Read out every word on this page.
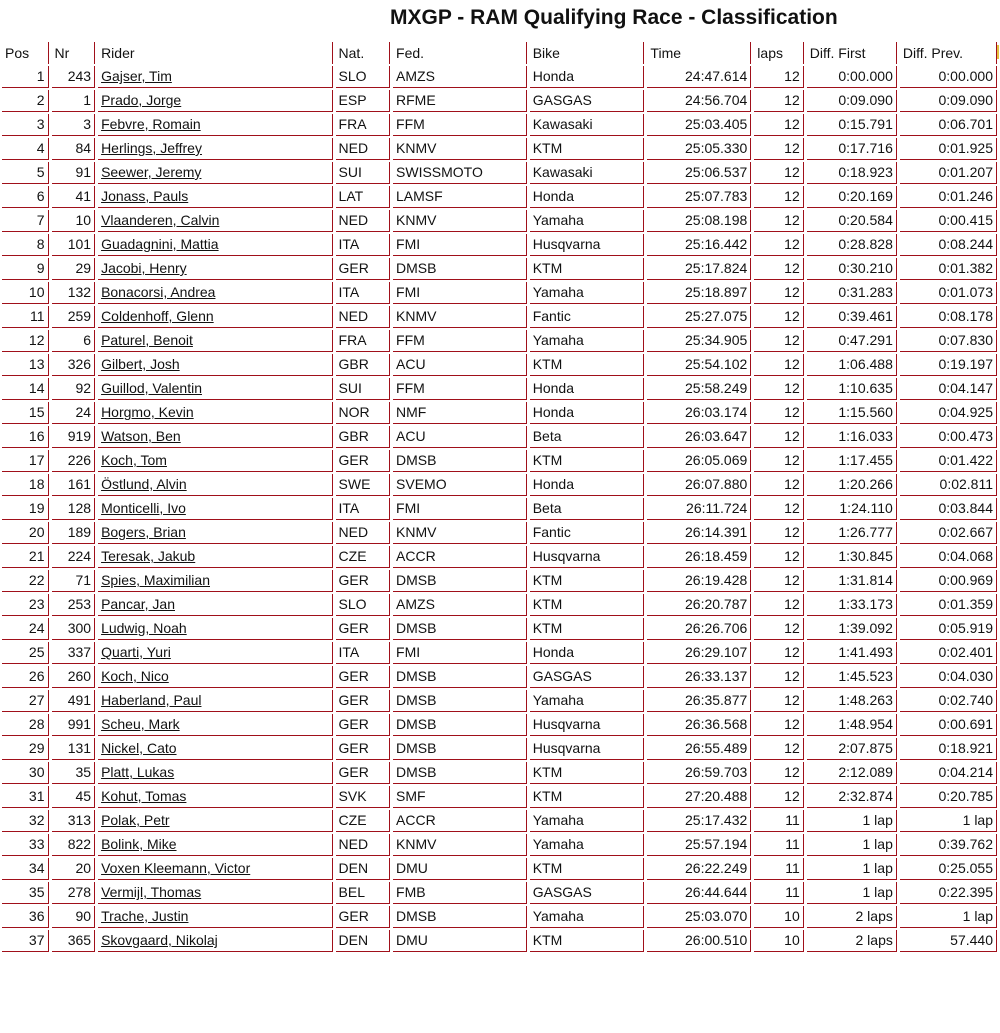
MXGP - RAM Qualifying Race - Classification
Pos	Nr	Rider	Nat.	Fed.	Bike	Time	laps	Diff. First	Diff. Prev.
1	243	Gajser, Tim	SLO	AMZS	Honda	24:47.614	12	0:00.000	0:00.000
2	1	Prado, Jorge	ESP	RFME	GASGAS	24:56.704	12	0:09.090	0:09.090
3	3	Febvre, Romain	FRA	FFM	Kawasaki	25:03.405	12	0:15.791	0:06.701
4	84	Herlings, Jeffrey	NED	KNMV	KTM	25:05.330	12	0:17.716	0:01.925
5	91	Seewer, Jeremy	SUI	SWISSMOTO	Kawasaki	25:06.537	12	0:18.923	0:01.207
6	41	Jonass, Pauls	LAT	LAMSF	Honda	25:07.783	12	0:20.169	0:01.246
7	10	Vlaanderen, Calvin	NED	KNMV	Yamaha	25:08.198	12	0:20.584	0:00.415
8	101	Guadagnini, Mattia	ITA	FMI	Husqvarna	25:16.442	12	0:28.828	0:08.244
9	29	Jacobi, Henry	GER	DMSB	KTM	25:17.824	12	0:30.210	0:01.382
10	132	Bonacorsi, Andrea	ITA	FMI	Yamaha	25:18.897	12	0:31.283	0:01.073
11	259	Coldenhoff, Glenn	NED	KNMV	Fantic	25:27.075	12	0:39.461	0:08.178
12	6	Paturel, Benoit	FRA	FFM	Yamaha	25:34.905	12	0:47.291	0:07.830
13	326	Gilbert, Josh	GBR	ACU	KTM	25:54.102	12	1:06.488	0:19.197
14	92	Guillod, Valentin	SUI	FFM	Honda	25:58.249	12	1:10.635	0:04.147
15	24	Horgmo, Kevin	NOR	NMF	Honda	26:03.174	12	1:15.560	0:04.925
16	919	Watson, Ben	GBR	ACU	Beta	26:03.647	12	1:16.033	0:00.473
17	226	Koch, Tom	GER	DMSB	KTM	26:05.069	12	1:17.455	0:01.422
18	161	Östlund, Alvin	SWE	SVEMO	Honda	26:07.880	12	1:20.266	0:02.811
19	128	Monticelli, Ivo	ITA	FMI	Beta	26:11.724	12	1:24.110	0:03.844
20	189	Bogers, Brian	NED	KNMV	Fantic	26:14.391	12	1:26.777	0:02.667
21	224	Teresak, Jakub	CZE	ACCR	Husqvarna	26:18.459	12	1:30.845	0:04.068
22	71	Spies, Maximilian	GER	DMSB	KTM	26:19.428	12	1:31.814	0:00.969
23	253	Pancar, Jan	SLO	AMZS	KTM	26:20.787	12	1:33.173	0:01.359
24	300	Ludwig, Noah	GER	DMSB	KTM	26:26.706	12	1:39.092	0:05.919
25	337	Quarti, Yuri	ITA	FMI	Honda	26:29.107	12	1:41.493	0:02.401
26	260	Koch, Nico	GER	DMSB	GASGAS	26:33.137	12	1:45.523	0:04.030
27	491	Haberland, Paul	GER	DMSB	Yamaha	26:35.877	12	1:48.263	0:02.740
28	991	Scheu, Mark	GER	DMSB	Husqvarna	26:36.568	12	1:48.954	0:00.691
29	131	Nickel, Cato	GER	DMSB	Husqvarna	26:55.489	12	2:07.875	0:18.921
30	35	Platt, Lukas	GER	DMSB	KTM	26:59.703	12	2:12.089	0:04.214
31	45	Kohut, Tomas	SVK	SMF	KTM	27:20.488	12	2:32.874	0:20.785
32	313	Polak, Petr	CZE	ACCR	Yamaha	25:17.432	11	1 lap	1 lap
33	822	Bolink, Mike	NED	KNMV	Yamaha	25:57.194	11	1 lap	0:39.762
34	20	Voxen Kleemann, Victor	DEN	DMU	KTM	26:22.249	11	1 lap	0:25.055
35	278	Vermijl, Thomas	BEL	FMB	GASGAS	26:44.644	11	1 lap	0:22.395
36	90	Trache, Justin	GER	DMSB	Yamaha	25:03.070	10	2 laps	1 lap
37	365	Skovgaard, Nikolaj	DEN	DMU	KTM	26:00.510	10	2 laps	57.440
